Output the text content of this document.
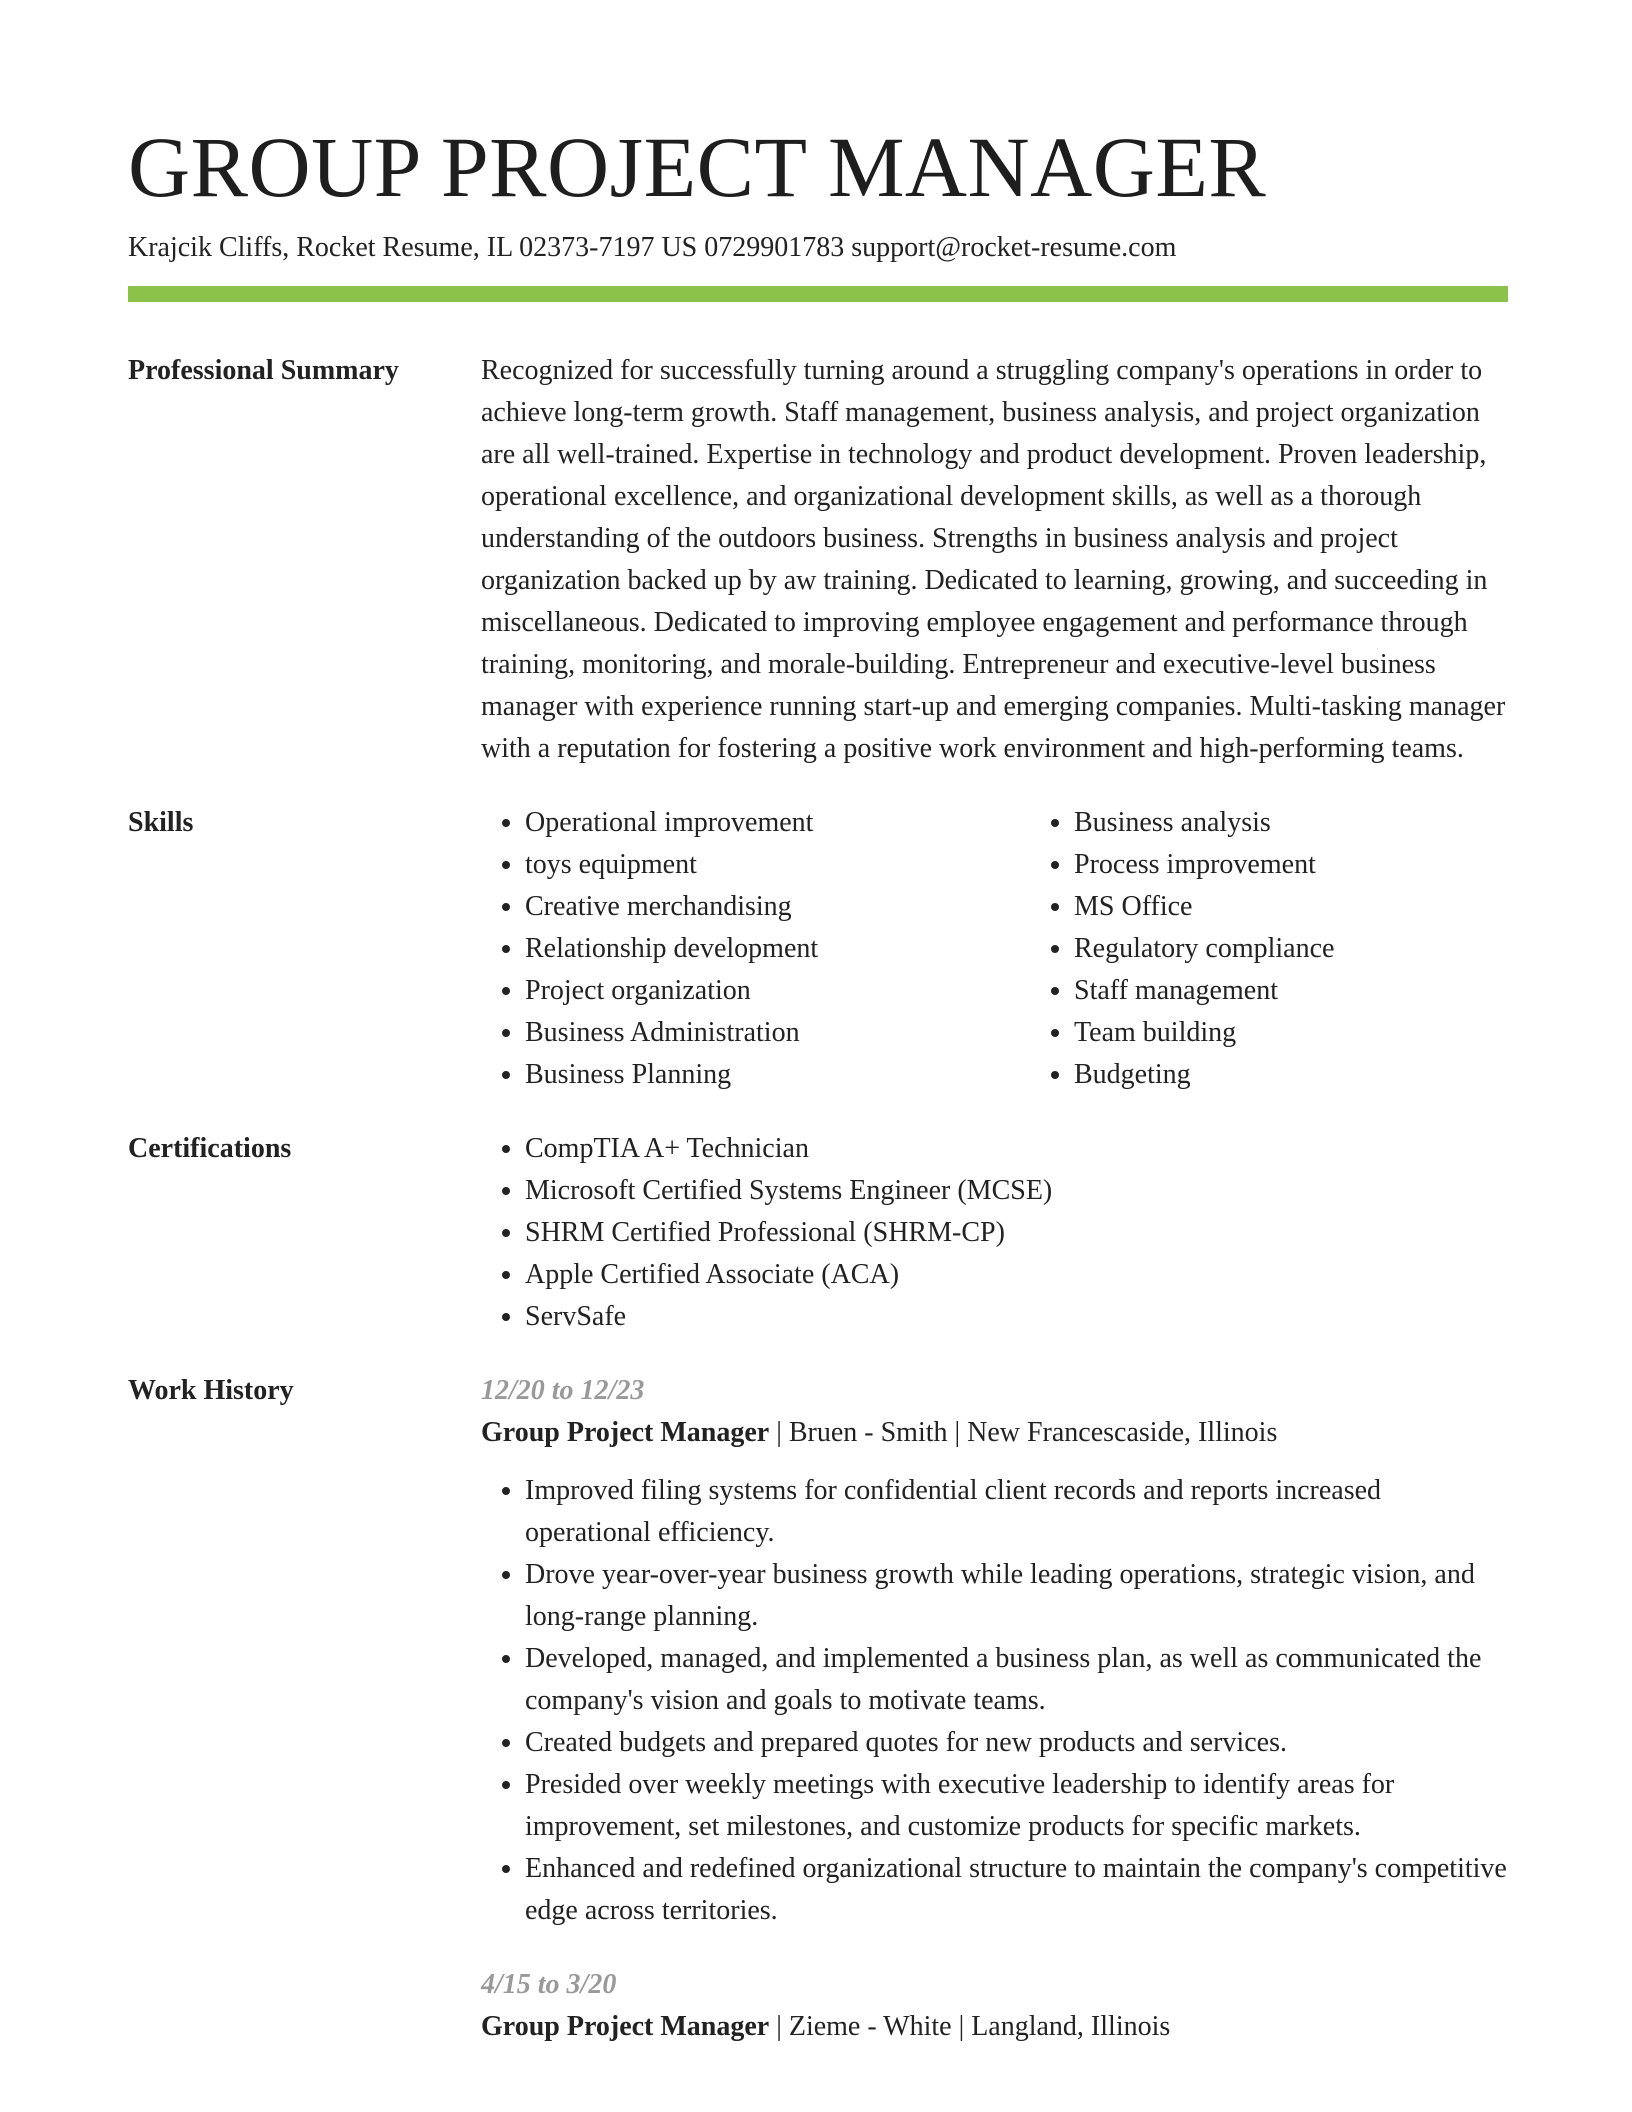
GROUP PROJECT MANAGER
Krajcik Cliffs, Rocket Resume, IL 02373-7197 US 0729901783 support@rocket-resume.com
Professional Summary	Recognized for successfully turning around a struggling company's operations in order to achieve long-term growth. Staff management, business analysis, and project organization are all well-trained. Expertise in technology and product development. Proven leadership, operational excellence, and organizational development skills, as well as a thorough understanding of the outdoors business. Strengths in business analysis and project organization backed up by aw training. Dedicated to learning, growing, and succeeding in miscellaneous. Dedicated to improving employee engagement and performance through training, monitoring, and morale-building. Entrepreneur and executive-level business manager with experience running start-up and emerging companies. Multi-tasking manager with a reputation for fostering a positive work environment and high-performing teams.

Skills	• Operational improvement
• toys equipment
• Creative merchandising
• Relationship development
• Project organization
• Business Administration
• Business Planning
• Business analysis
• Process improvement
• MS Office
• Regulatory compliance
• Staff management
• Team building
• Budgeting
Certifications	• CompTIA A+ Technician
• Microsoft Certified Systems Engineer (MCSE)
• SHRM Certified Professional (SHRM-CP)
• Apple Certified Associate (ACA)
• ServSafe
Work History	12/20 to 12/23
Group Project Manager | Bruen - Smith | New Francescaside, Illinois
• Improved filing systems for confidential client records and reports increased operational efficiency.
• Drove year-over-year business growth while leading operations, strategic vision, and long-range planning.
• Developed, managed, and implemented a business plan, as well as communicated the company's vision and goals to motivate teams.
• Created budgets and prepared quotes for new products and services.
• Presided over weekly meetings with executive leadership to identify areas for improvement, set milestones, and customize products for specific markets.
• Enhanced and redefined organizational structure to maintain the company's competitive edge across territories.
4/15 to 3/20
Group Project Manager | Zieme - White | Langland, Illinois
